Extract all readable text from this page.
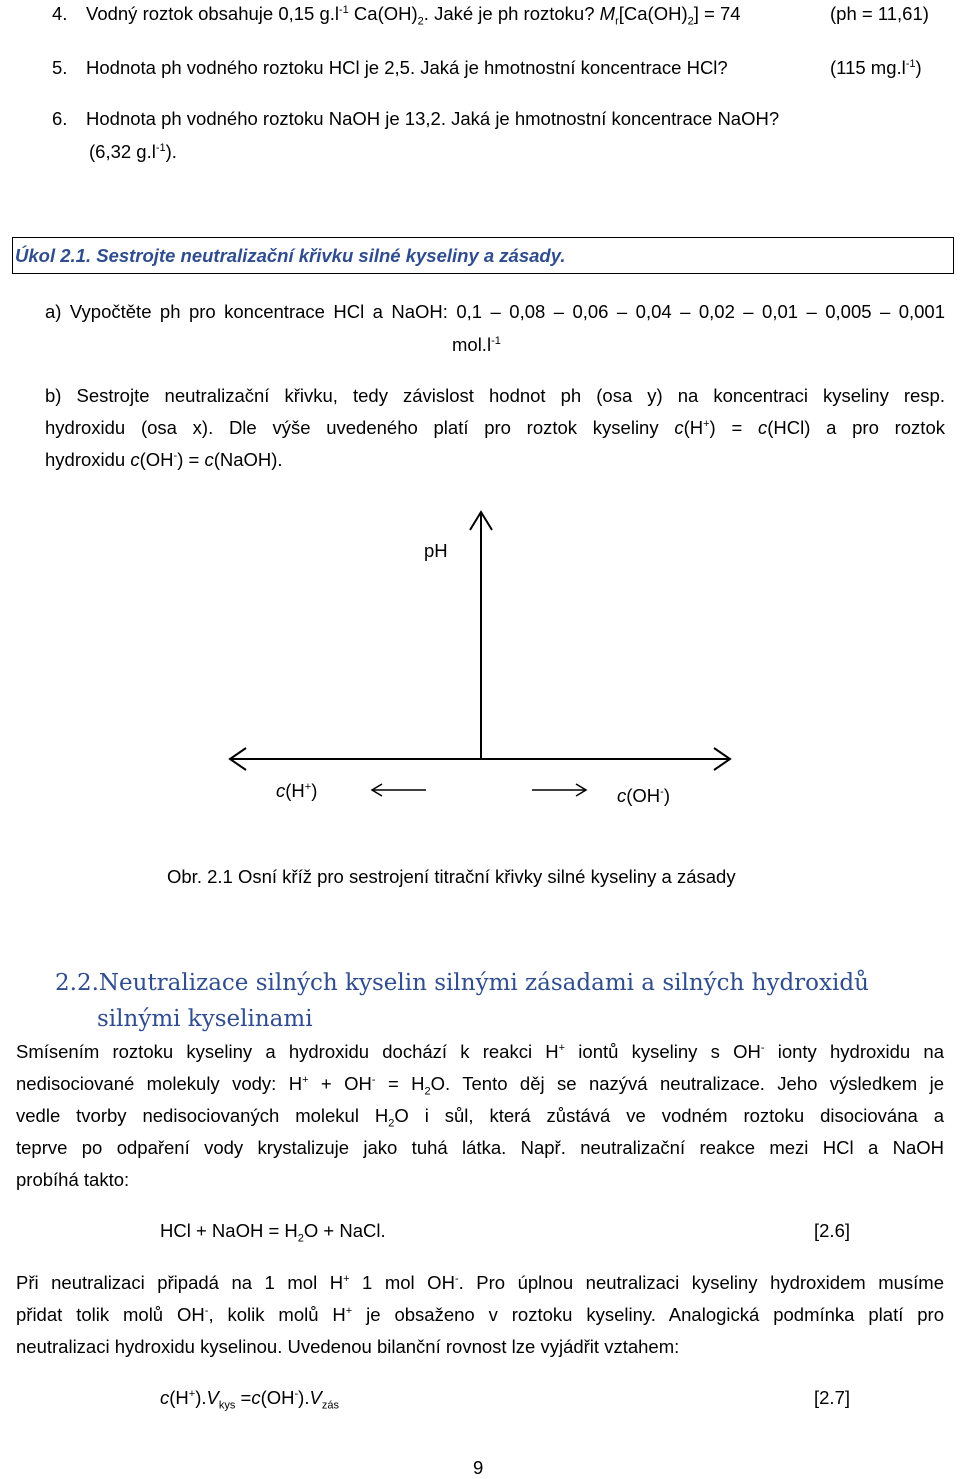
4. Vodný roztok obsahuje 0,15 $g.l^{-1}$ $Ca(OH)_2$. Jaké je ph roztoku? $M_r[Ca(OH)_2] = 74$	(ph = 11,61)
5. Hodnota ph vodného roztoku HCl je 2,5. Jaká je hmotnostní koncentrace HCl?	(115 $mg.l^{-1}$)
6. Hodnota ph vodného roztoku NaOH je 13,2. Jaká je hmotnostní koncentrace NaOH?
(6,32 $g.l^{-1}$).
Úkol 2.1. Sestrojte neutralizační křivku silné kyseliny a zásady.
a) Vypočtěte ph pro koncentrace HCl a NaOH: 0,1 – 0,08 – 0,06 – 0,04 – 0,02 – 0,01 – 0,005 – 0,001
$mol.l^{-1}$
b) Sestrojte neutralizační křivku, tedy závislost hodnot ph (osa y) na koncentraci kyseliny resp.
hydroxidu (osa x). Dle výše uvedeného platí pro roztok kyseliny c(H+) = c(HCl) a pro roztok
hydroxidu c(OH-) = c(NaOH).
pH
c(H+)	c(OH-)
Obr. 2.1 Osní kříž pro sestrojení titrační křivky silné kyseliny a zásady
2.2.Neutralizace silných kyselin silnými zásadami a silných hydroxidů
silnými kyselinami
Smísením roztoku kyseliny a hydroxidu dochází k reakci H+ iontů kyseliny s OH- ionty hydroxidu na
nedisociované molekuly vody: $H^+ + OH^- = H_2O$. Tento děj se nazývá neutralizace. Jeho výsledkem je
vedle tvorby nedisociovaných molekul $H_2O$ i sůl, která zůstává ve vodném roztoku disociována a
teprve po odpaření vody krystalizuje jako tuhá látka. Např. neutralizační reakce mezi HCl a NaOH
probíhá takto:
HCl + NaOH = $H_2O$ + NaCl.	[2.6]
Při neutralizaci připadá na 1 mol H+ 1 mol OH-. Pro úplnou neutralizaci kyseliny hydroxidem musíme
přidat tolik molů OH-, kolik molů H+ je obsaženo v roztoku kyseliny. Analogická podmínka platí pro
neutralizaci hydroxidu kyselinou. Uvedenou bilanční rovnost lze vyjádřit vztahem:
$c(H^+).V_{kys} =c(OH^-).V_{zás}$	[2.7]
9
